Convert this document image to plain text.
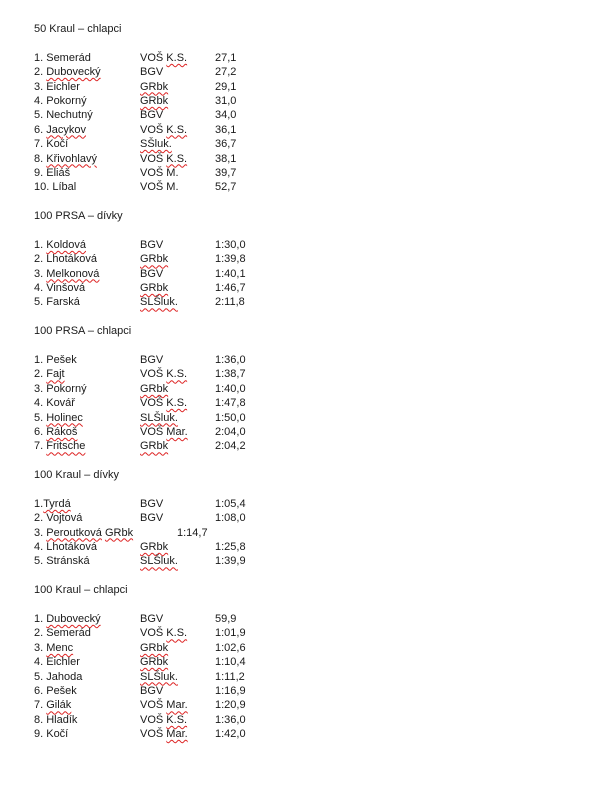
50 Kraul – chlapci
1. Semerád	VOŠ K.S.	27,1
2. Dubovecký	BGV	27,2
3. Eichler	GRbk	29,1
4. Pokorný	GRbk	31,0
5. Nechutný	BGV	34,0
6. Jacykov	VOŠ K.S.	36,1
7. Kočí	SŠluk.	36,7
8. Křivohlavý	VOŠ K.S.	38,1
9. Eliáš	VOŠ M.	39,7
10. Líbal	VOŠ M.	52,7
100 PRSA – dívky
1. Koldová	BGV	1:30,0
2. Lhotáková	GRbk	1:39,8
3. Melkonová	BGV	1:40,1
4. Vinšová	GRbk	1:46,7
5. Farská	SLŠluk.	2:11,8
100 PRSA – chlapci
1. Pešek	BGV	1:36,0
2. Fajt	VOŠ K.S.	1:38,7
3. Pokorný	GRbk	1:40,0
4. Kovář	VOŠ K.S.	1:47,8
5. Holinec	SLŠluk.	1:50,0
6. Rákoš	VOŠ Mar. 2:04,0
7. Fritsche	GRbk	2:04,2
100 Kraul – dívky
1.Tyrdá	BGV	1:05,4
2. Vojtová	BGV	1:08,0
3. Peroutková GRbk	1:14,7
4. Lhotáková	GRbk	1:25,8
5. Stránská	SLŠluk.	1:39,9
100 Kraul – chlapci
1. Dubovecký	BGV	59,9
2. Semerád	VOŠ K.S.	1:01,9
3. Menc	GRbk	1:02,6
4. Eichler	GRbk	1:10,4
5. Jahoda	SLŠluk.	1:11,2
6. Pešek	BGV	1:16,9
7. Gilák	VOŠ Mar. 1:20,9
8. Hladík	VOŠ K.S.	1:36,0
9. Kočí	VOŠ Mar. 1:42,0
